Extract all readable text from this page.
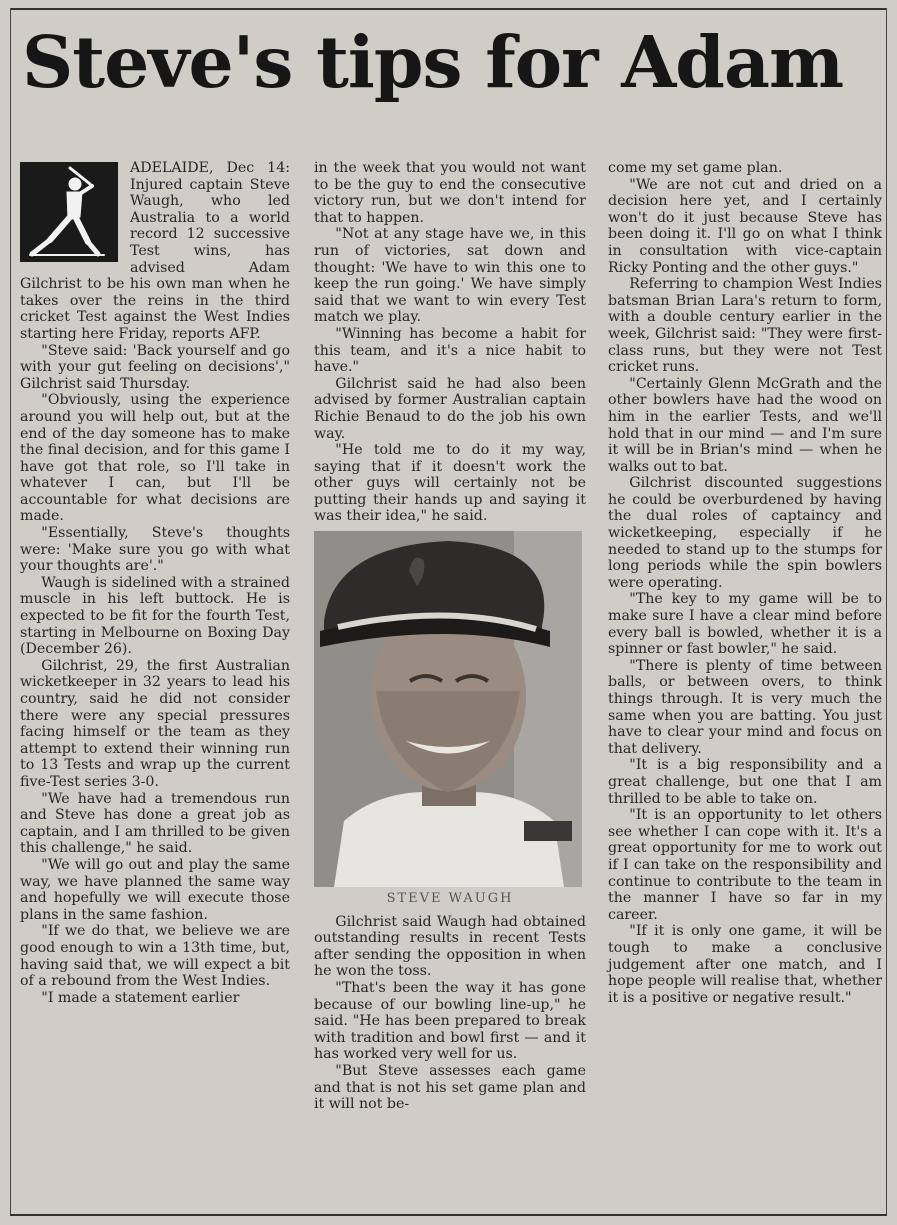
Steve's tips for Adam

ADELAIDE, Dec 14: Injured captain Steve Waugh, who led Australia to a world record 12 successive Test wins, has advised Adam Gilchrist to be his own man when he takes over the reins in the third cricket Test against the West Indies starting here Friday, reports AFP.

"Steve said: 'Back yourself and go with your gut feeling on decisions'," Gilchrist said Thursday.

"Obviously, using the experience around you will help out, but at the end of the day someone has to make the final decision, and for this game I have got that role, so I'll take in whatever I can, but I'll be accountable for what decisions are made.

"Essentially, Steve's thoughts were: 'Make sure you go with what your thoughts are'."

Waugh is sidelined with a strained muscle in his left buttock. He is expected to be fit for the fourth Test, starting in Melbourne on Boxing Day (December 26).

Gilchrist, 29, the first Australian wicketkeeper in 32 years to lead his country, said he did not consider there were any special pressures facing himself or the team as they attempt to extend their winning run to 13 Tests and wrap up the current five-Test series 3-0.

"We have had a tremendous run and Steve has done a great job as captain, and I am thrilled to be given this challenge," he said.

"We will go out and play the same way, we have planned the same way and hopefully we will execute those plans in the same fashion.

"If we do that, we believe we are good enough to win a 13th time, but, having said that, we will expect a bit of a rebound from the West Indies.

"I made a statement earlier

in the week that you would not want to be the guy to end the consecutive victory run, but we don't intend for that to happen.

"Not at any stage have we, in this run of victories, sat down and thought: 'We have to win this one to keep the run going.' We have simply said that we want to win every Test match we play.

"Winning has become a habit for this team, and it's a nice habit to have."

Gilchrist said he had also been advised by former Australian captain Richie Benaud to do the job his own way.

"He told me to do it my way, saying that if it doesn't work the other guys will certainly not be putting their hands up and saying it was their idea," he said.

STEVE WAUGH

Gilchrist said Waugh had obtained outstanding results in recent Tests after sending the opposition in when he won the toss.

"That's been the way it has gone because of our bowling line-up," he said. "He has been prepared to break with tradition and bowl first — and it has worked very well for us.

"But Steve assesses each game and that is not his set game plan and it will not be-

come my set game plan.

"We are not cut and dried on a decision here yet, and I certainly won't do it just because Steve has been doing it. I'll go on what I think in consultation with vice-captain Ricky Ponting and the other guys."

Referring to champion West Indies batsman Brian Lara's return to form, with a double century earlier in the week, Gilchrist said: "They were first-class runs, but they were not Test cricket runs.

"Certainly Glenn McGrath and the other bowlers have had the wood on him in the earlier Tests, and we'll hold that in our mind — and I'm sure it will be in Brian's mind — when he walks out to bat.

Gilchrist discounted suggestions he could be overburdened by having the dual roles of captaincy and wicketkeeping, especially if he needed to stand up to the stumps for long periods while the spin bowlers were operating.

"The key to my game will be to make sure I have a clear mind before every ball is bowled, whether it is a spinner or fast bowler," he said.

"There is plenty of time between balls, or between overs, to think things through. It is very much the same when you are batting. You just have to clear your mind and focus on that delivery.

"It is a big responsibility and a great challenge, but one that I am thrilled to be able to take on.

"It is an opportunity to let others see whether I can cope with it. It's a great opportunity for me to work out if I can take on the responsibility and continue to contribute to the team in the manner I have so far in my career.

"If it is only one game, it will be tough to make a conclusive judgement after one match, and I hope people will realise that, whether it is a positive or negative result."
